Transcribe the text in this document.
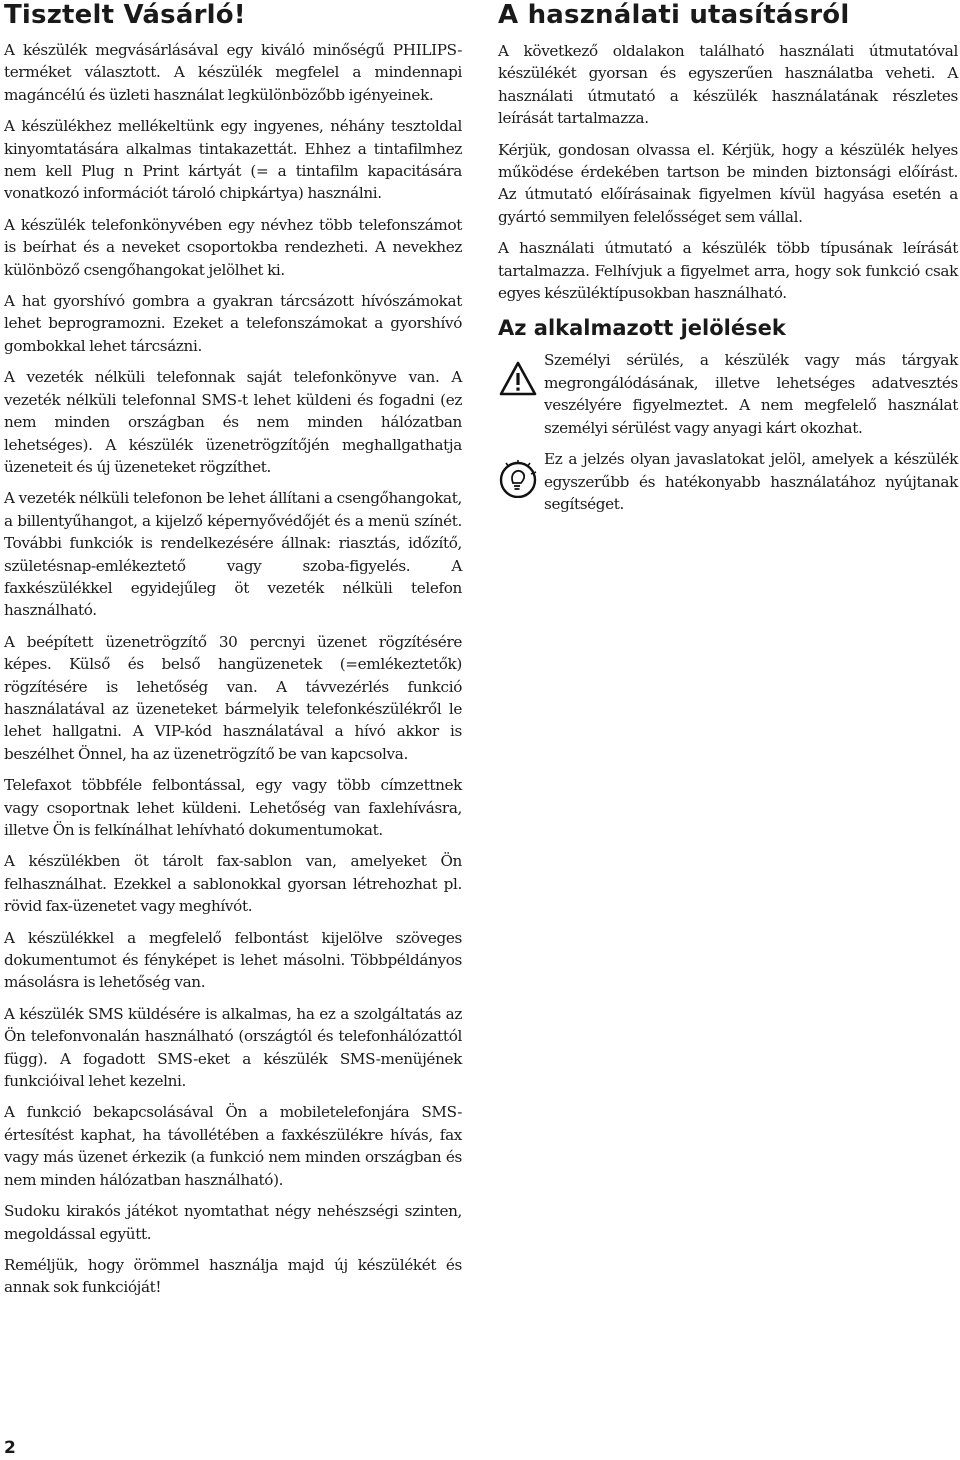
Tisztelt Vásárló!

A készülék megvásárlásával egy kiváló minőségű PHILIPS-terméket választott. A készülék megfelel a mindennapi magáncélú és üzleti használat legkülönbözőbb igényeinek.

A készülékhez mellékeltünk egy ingyenes, néhány tesztoldal kinyomtatására alkalmas tintakazettát. Ehhez a tintafilmhez nem kell Plug n Print kártyát (= a tintafilm kapacitására vonatkozó információt tároló chipkártya) használni.

A készülék telefonkönyvében egy névhez több telefonszámot is beírhat és a neveket csoportokba rendezheti. A nevekhez különböző csengőhangokat jelölhet ki.

A hat gyorshívó gombra a gyakran tárcsázott hívószámokat lehet beprogramozni. Ezeket a telefonszámokat a gyorshívó gombokkal lehet tárcsázni.

A vezeték nélküli telefonnak saját telefonkönyve van. A vezeték nélküli telefonnal SMS-t lehet küldeni és fogadni (ez nem minden országban és nem minden hálózatban lehetséges). A készülék üzenetrögzítőjén meghallgathatja üzeneteit és új üzeneteket rögzíthet.

A vezeték nélküli telefonon be lehet állítani a csengőhangokat, a billentyűhangot, a kijelző képernyővédőjét és a menü színét. További funkciók is rendelkezésére állnak: riasztás, időzítő, születésnap-emlékeztető vagy szoba-figyelés. A faxkészülékkel egyidejűleg öt vezeték nélküli telefon használható.

A beépített üzenetrögzítő 30 percnyi üzenet rögzítésére képes. Külső és belső hangüzenetek (=emlékeztetők) rögzítésére is lehetőség van. A távvezérlés funkció használatával az üzeneteket bármelyik telefonkészülékről le lehet hallgatni. A VIP-kód használatával a hívó akkor is beszélhet Önnel, ha az üzenetrögzítő be van kapcsolva.

Telefaxot többféle felbontással, egy vagy több címzettnek vagy csoportnak lehet küldeni. Lehetőség van faxlehívásra, illetve Ön is felkínálhat lehívható dokumentumokat.

A készülékben öt tárolt fax-sablon van, amelyeket Ön felhasználhat. Ezekkel a sablonokkal gyorsan létrehozhat pl. rövid fax-üzenetet vagy meghívót.

A készülékkel a megfelelő felbontást kijelölve szöveges dokumentumot és fényképet is lehet másolni. Többpéldányos másolásra is lehetőség van.

A készülék SMS küldésére is alkalmas, ha ez a szolgáltatás az Ön telefonvonalán használható (országtól és telefonhálózattól függ). A fogadott SMS-eket a készülék SMS-menüjének funkcióival lehet kezelni.

A funkció bekapcsolásával Ön a mobiletelefonjára SMS-értesítést kaphat, ha távollétében a faxkészülékre hívás, fax vagy más üzenet érkezik (a funkció nem minden országban és nem minden hálózatban használható).

Sudoku kirakós játékot nyomtathat négy nehészségi szinten, megoldással együtt.

Reméljük, hogy örömmel használja majd új készülékét és annak sok funkcióját!

A használati utasításról

A következő oldalakon található használati útmutatóval készülékét gyorsan és egyszerűen használatba veheti. A használati útmutató a készülék használatának részletes leírását tartalmazza.

Kérjük, gondosan olvassa el. Kérjük, hogy a készülék helyes működése érdekében tartson be minden biztonsági előírást. Az útmutató előírásainak figyelmen kívül hagyása esetén a gyártó semmilyen felelősséget sem vállal.

A használati útmutató a készülék több típusának leírását tartalmazza. Felhívjuk a figyelmet arra, hogy sok funkció csak egyes készüléktípusokban használható.

Az alkalmazott jelölések

Személyi sérülés, a készülék vagy más tárgyak megrongálódásának, illetve lehetséges adatvesztés veszélyére figyelmeztet. A nem megfelelő használat személyi sérülést vagy anyagi kárt okozhat.

Ez a jelzés olyan javaslatokat jelöl, amelyek a készülék egyszerűbb és hatékonyabb használatához nyújtanak segítséget.

2
